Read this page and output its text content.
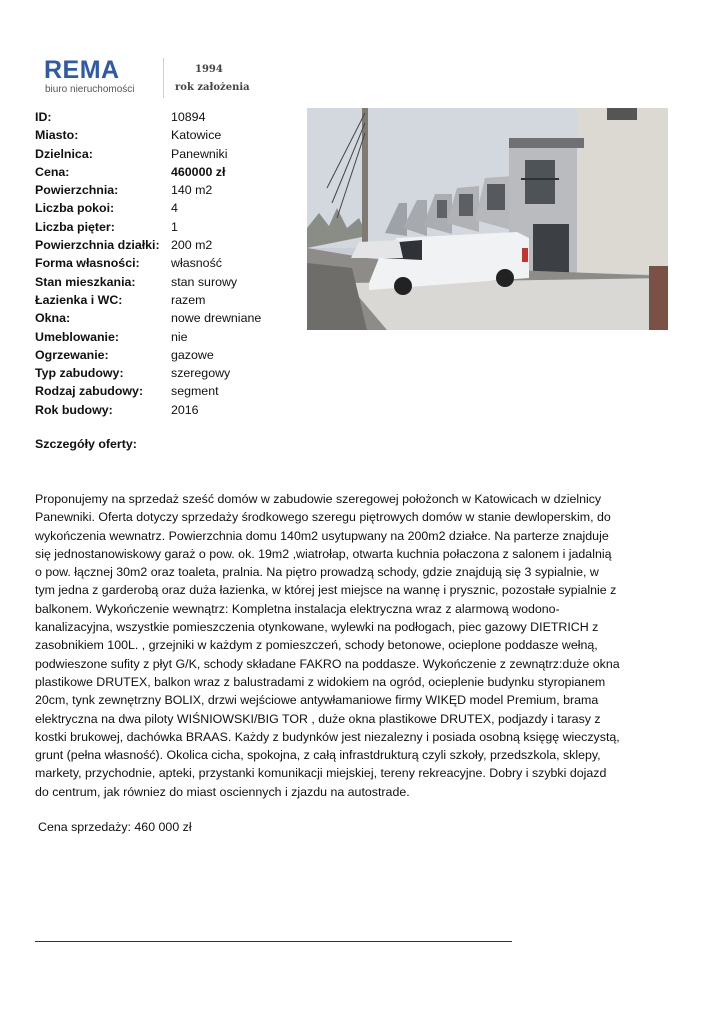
REMA
biuro nieruchomości
1994
rok założenia
ID:	10894
Miasto:	Katowice
Dzielnica:	Panewniki
Cena:	460000 zł
Powierzchnia:	140 m2
Liczba pokoi:	4
Liczba pięter:	1
Powierzchnia działki: 200 m2
Forma własności:	własność
Stan mieszkania:	stan surowy
Łazienka i WC:	razem
Okna:	nowe drewniane
Umeblowanie:	nie
Ogrzewanie:	gazowe
Typ zabudowy:	szeregowy
Rodzaj zabudowy: segment
Rok budowy:	2016
Szczegóły oferty:

Proponujemy na sprzedaż sześć domów w zabudowie szeregowej położonch w Katowicach w dzielnicy
Panewniki. Oferta dotyczy sprzedaży środkowego szeregu piętrowych domów w stanie dewloperskim, do
wykończenia wewnatrz. Powierzchnia domu 140m2 usytupwany na 200m2 działce. Na parterze znajduje
się jednostanowiskowy garaż o pow. ok. 19m2 ,wiatrołap, otwarta kuchnia połaczona z salonem i jadalnią
o pow. łącznej 30m2 oraz toaleta, pralnia. Na piętro prowadzą schody, gdzie znajdują się 3 sypialnie, w
tym jedna z garderobą oraz duża łazienka, w której jest miejsce na wannę i prysznic, pozostałe sypialnie z
balkonem. Wykończenie wewnątrz: Kompletna instalacja elektryczna wraz z alarmową wodono-
kanalizacyjna, wszystkie pomieszczenia otynkowane, wylewki na podłogach, piec gazowy DIETRICH z
zasobnikiem 100L. , grzejniki w każdym z pomieszczeń, schody betonowe, ocieplone poddasze wełną,
podwieszone sufity z płyt G/K, schody składane FAKRO na poddasze. Wykończenie z zewnątrz:duże okna
plastikowe DRUTEX, balkon wraz z balustradami z widokiem na ogród, ocieplenie budynku styropianem
20cm, tynk zewnętrzny BOLIX, drzwi wejściowe antywłamaniowe firmy WIKĘD model Premium, brama
elektryczna na dwa piloty WIŚNIOWSKI/BIG TOR , duże okna plastikowe DRUTEX, podjazdy i tarasy z
kostki brukowej, dachówka BRAAS. Każdy z budynków jest niezalezny i posiada osobną księgę wieczystą,
grunt (pełna własność). Okolica cicha, spokojna, z całą infrastdrukturą czyli szkoły, przedszkola, sklepy,
markety, przychodnie, apteki, przystanki komunikacji miejskiej, tereny rekreacyjne. Dobry i szybki dojazd
do centrum, jak równiez do miast osciennych i zjazdu na autostrade.

Cena sprzedaży: 460 000 zł
